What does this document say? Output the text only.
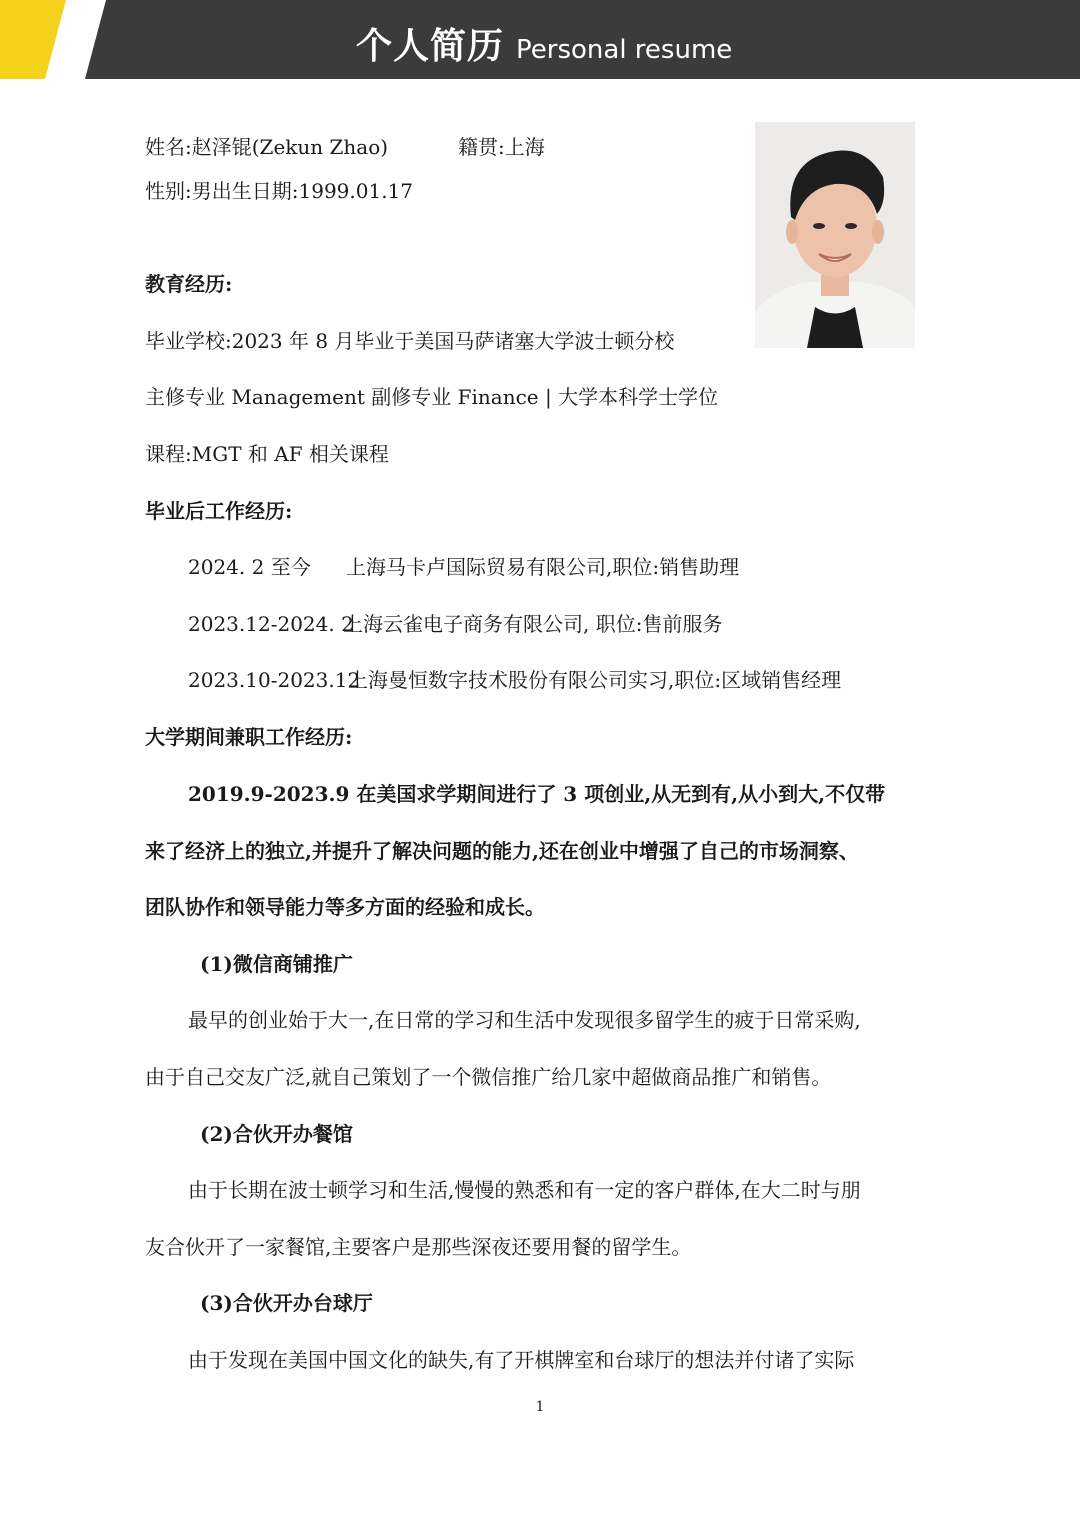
个人简历 Personal resume
姓名:赵泽锟(Zekun Zhao)	籍贯:上海
性别:男出生日期:1999.01.17
教育经历:
毕业学校:2023 年 8 月毕业于美国马萨诸塞大学波士顿分校
主修专业 Management 副修专业 Finance | 大学本科学士学位
课程:MGT 和 AF 相关课程
毕业后工作经历:
2024. 2 至今 上海马卡卢国际贸易有限公司,职位:销售助理
2023.12-2024. 2
上海云雀电子商务有限公司, 职位:售前服务
2023.10-2023.12
上海曼恒数字技术股份有限公司实习,职位:区域销售经理
大学期间兼职工作经历:
2019.9-2023.9 在美国求学期间进行了 3 项创业,从无到有,从小到大,不仅带
来了经济上的独立,并提升了解决问题的能力,还在创业中增强了自己的市场洞察、
团队协作和领导能力等多方面的经验和成长。
(1)微信商铺推广
最早的创业始于大一,在日常的学习和生活中发现很多留学生的疲于日常采购,
由于自己交友广泛,就自己策划了一个微信推广给几家中超做商品推广和销售。
(2)合伙开办餐馆
由于长期在波士顿学习和生活,慢慢的熟悉和有一定的客户群体,在大二时与朋
友合伙开了一家餐馆,主要客户是那些深夜还要用餐的留学生。
(3)合伙开办台球厅
由于发现在美国中国文化的缺失,有了开棋牌室和台球厅的想法并付诸了实际
1
